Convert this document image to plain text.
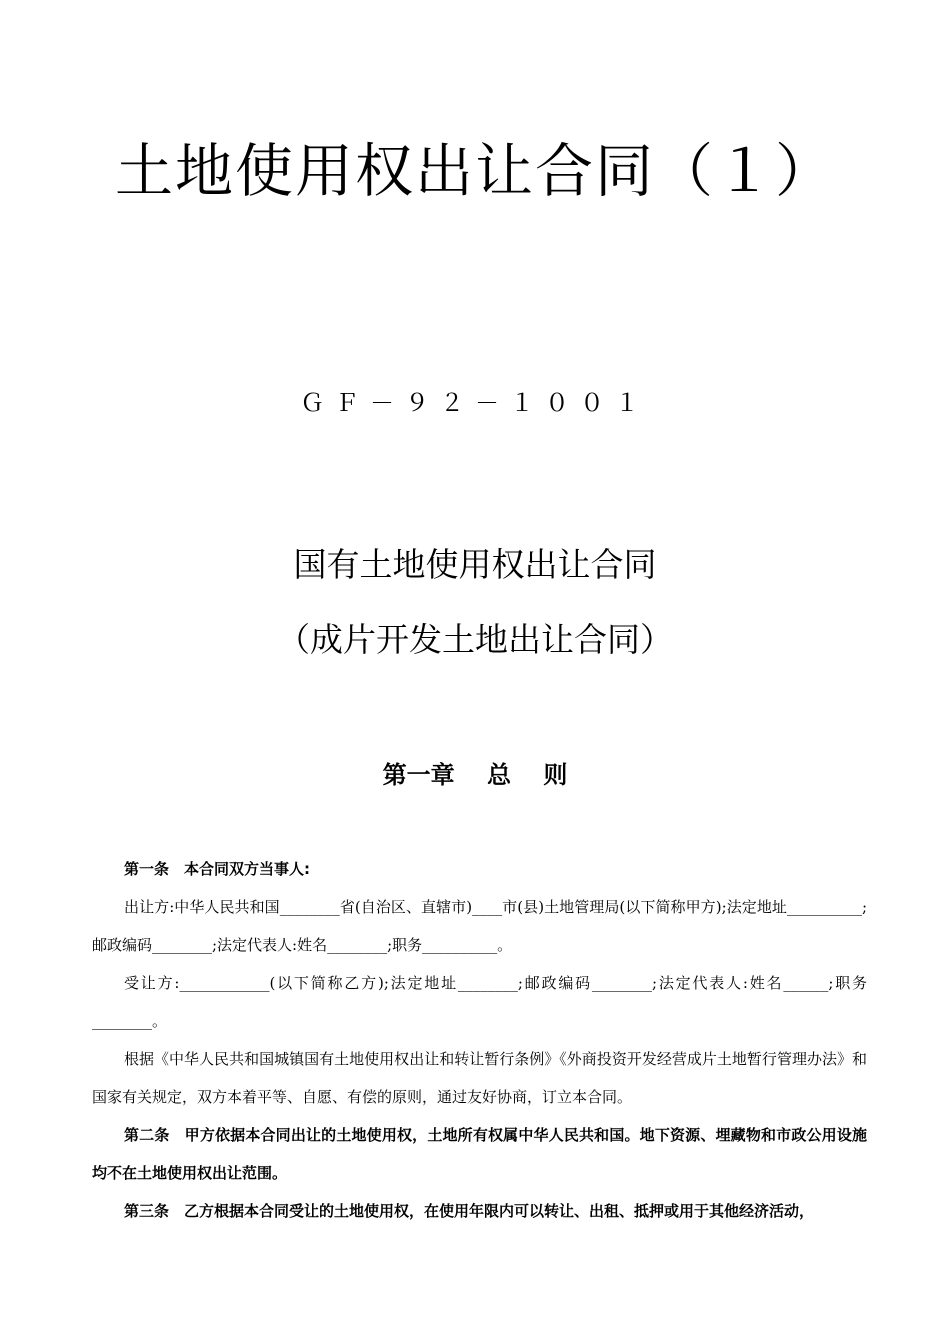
土地使用权出让合同（１）
ＧＦ－９２－１００１
国有土地使用权出让合同
（成片开发土地出让合同）
第一章　 总　 则

第一条　本合同双方当事人:

出让方:中华人民共和国________省(自治区、直辖市)____市(县)土地管理局(以下简称甲方);法定地址__________;邮政编码________;法定代表人:姓名________;职务__________。

受让方:____________(以下简称乙方);法定地址________;邮政编码________;法定代表人:姓名______;职务________。

根据《中华人民共和国城镇国有土地使用权出让和转让暂行条例》《外商投资开发经营成片土地暂行管理办法》和国家有关规定，双方本着平等、自愿、有偿的原则，通过友好协商，订立本合同。

第二条　甲方依据本合同出让的土地使用权，土地所有权属中华人民共和国。地下资源、埋藏物和市政公用设施均不在土地使用权出让范围。

第三条　乙方根据本合同受让的土地使用权，在使用年限内可以转让、出租、抵押或用于其他经济活动，
